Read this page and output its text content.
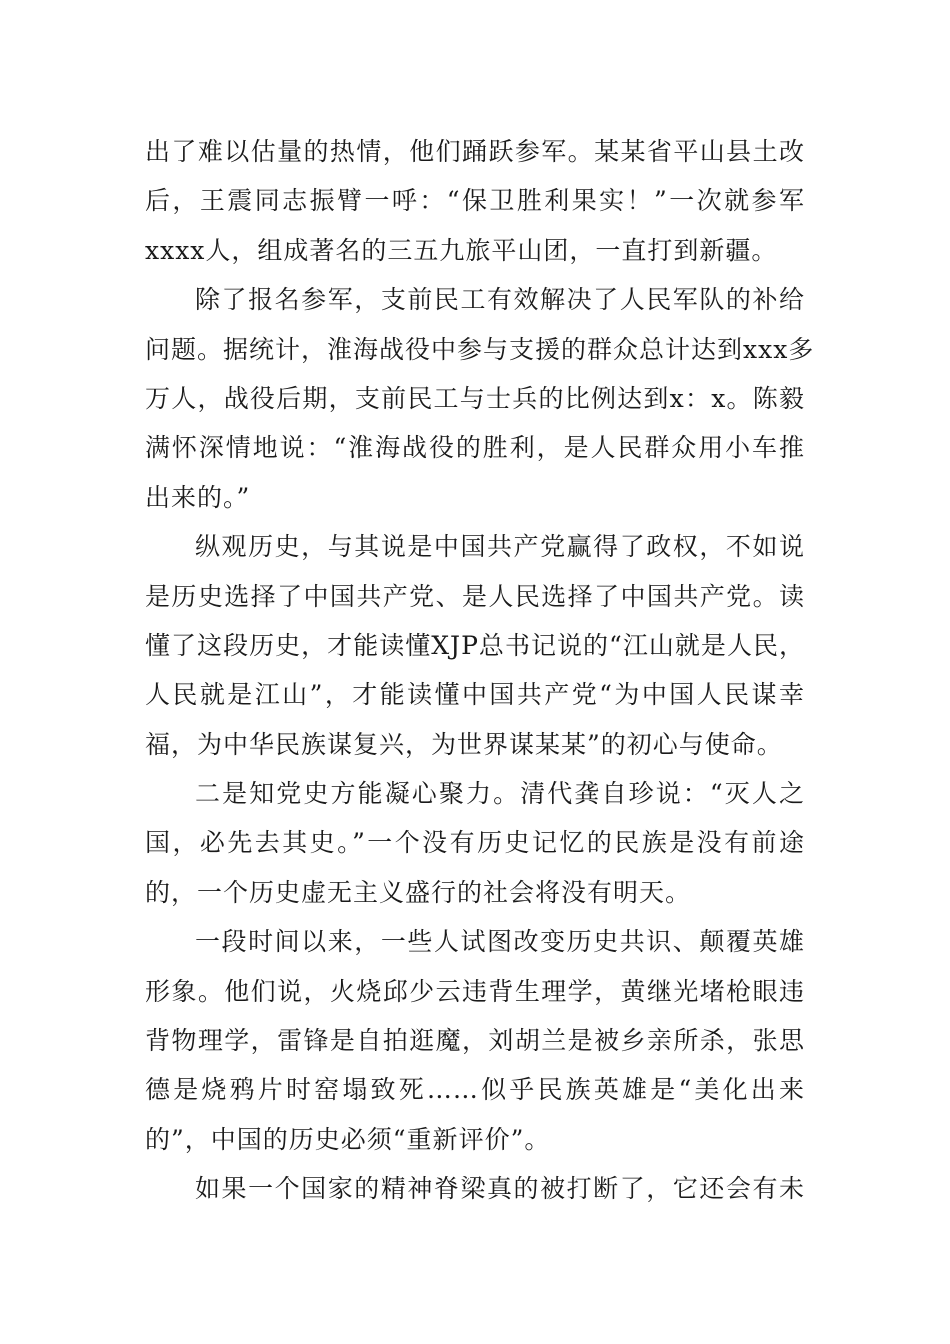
出了难以估量的热情，他们踊跃参军。某某省平山县土改
后，王震同志振臂一呼：“保卫胜利果实！”一次就参军
xxxx人，组成著名的三五九旅平山团，一直打到新疆。
除了报名参军，支前民工有效解决了人民军队的补给
问题。据统计，淮海战役中参与支援的群众总计达到xxx多
万人，战役后期，支前民工与士兵的比例达到x：x。陈毅
满怀深情地说：“淮海战役的胜利，是人民群众用小车推
出来的。”
纵观历史，与其说是中国共产党赢得了政权，不如说
是历史选择了中国共产党、是人民选择了中国共产党。读
懂了这段历史，才能读懂XJP总书记说的“江山就是人民，
人民就是江山”，才能读懂中国共产党“为中国人民谋幸
福，为中华民族谋复兴，为世界谋某某”的初心与使命。
二是知党史方能凝心聚力。清代龚自珍说：“灭人之
国，必先去其史。”一个没有历史记忆的民族是没有前途
的，一个历史虚无主义盛行的社会将没有明天。
一段时间以来，一些人试图改变历史共识、颠覆英雄
形象。他们说，火烧邱少云违背生理学，黄继光堵枪眼违
背物理学，雷锋是自拍逛魔，刘胡兰是被乡亲所杀，张思
德是烧鸦片时窑塌致死……似乎民族英雄是“美化出来
的”，中国的历史必须“重新评价”。
如果一个国家的精神脊梁真的被打断了，它还会有未
